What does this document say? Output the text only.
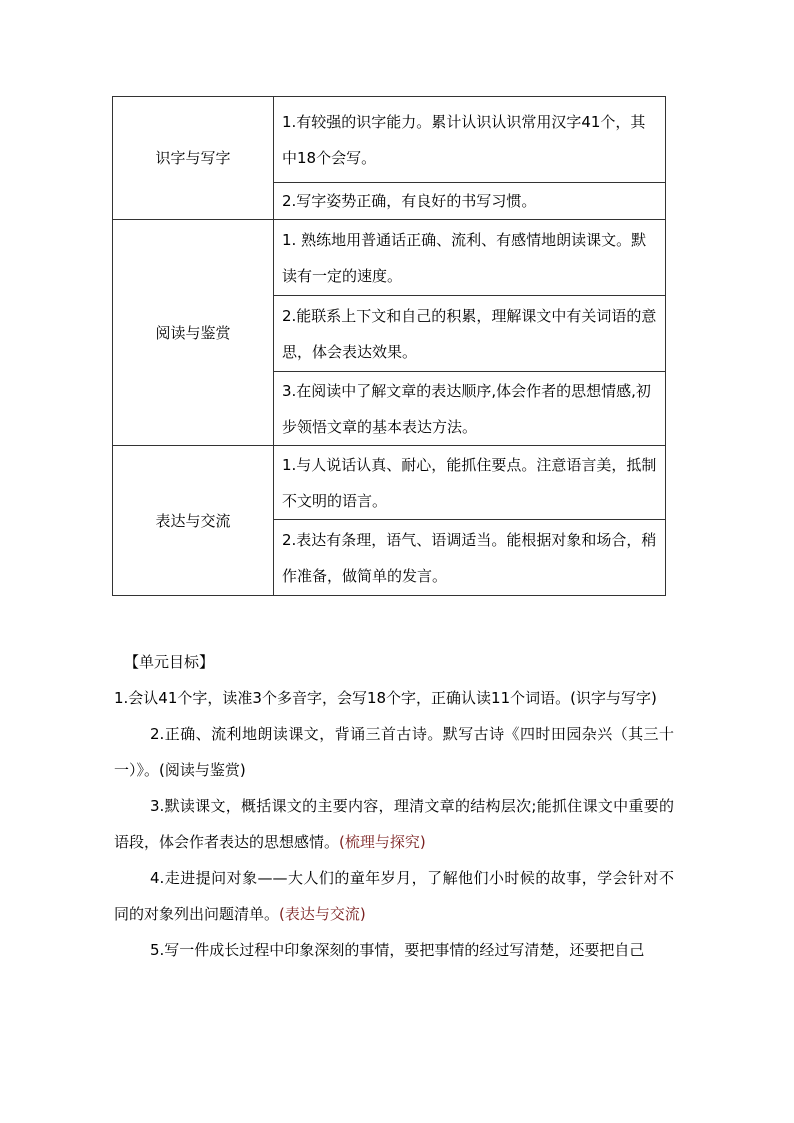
识字与写字	1.有较强的识字能力。累计认识认识常用汉字41个，其中18个会写。
	2.写字姿势正确，有良好的书写习惯。
阅读与鉴赏	1. 熟练地用普通话正确、流利、有感情地朗读课文。默读有一定的速度。
	2.能联系上下文和自己的积累，理解课文中有关词语的意思，体会表达效果。
	3.在阅读中了解文章的表达顺序,体会作者的思想情感,初步领悟文章的基本表达方法。
表达与交流	1.与人说话认真、耐心，能抓住要点。注意语言美，抵制不文明的语言。
	2.表达有条理，语气、语调适当。能根据对象和场合，稍作准备，做简单的发言。

【单元目标】

1.会认41个字，读准3个多音字，会写18个字，正确认读11个词语。(识字与写字)

2.正确、流利地朗读课文，背诵三首古诗。默写古诗《四时田园杂兴（其三十一）》。(阅读与鉴赏)

3.默读课文，概括课文的主要内容，理清文章的结构层次;能抓住课文中重要的语段，体会作者表达的思想感情。(梳理与探究)

4.走进提问对象——大人们的童年岁月，了解他们小时候的故事，学会针对不同的对象列出问题清单。(表达与交流)

5.写一件成长过程中印象深刻的事情，要把事情的经过写清楚，还要把自己
